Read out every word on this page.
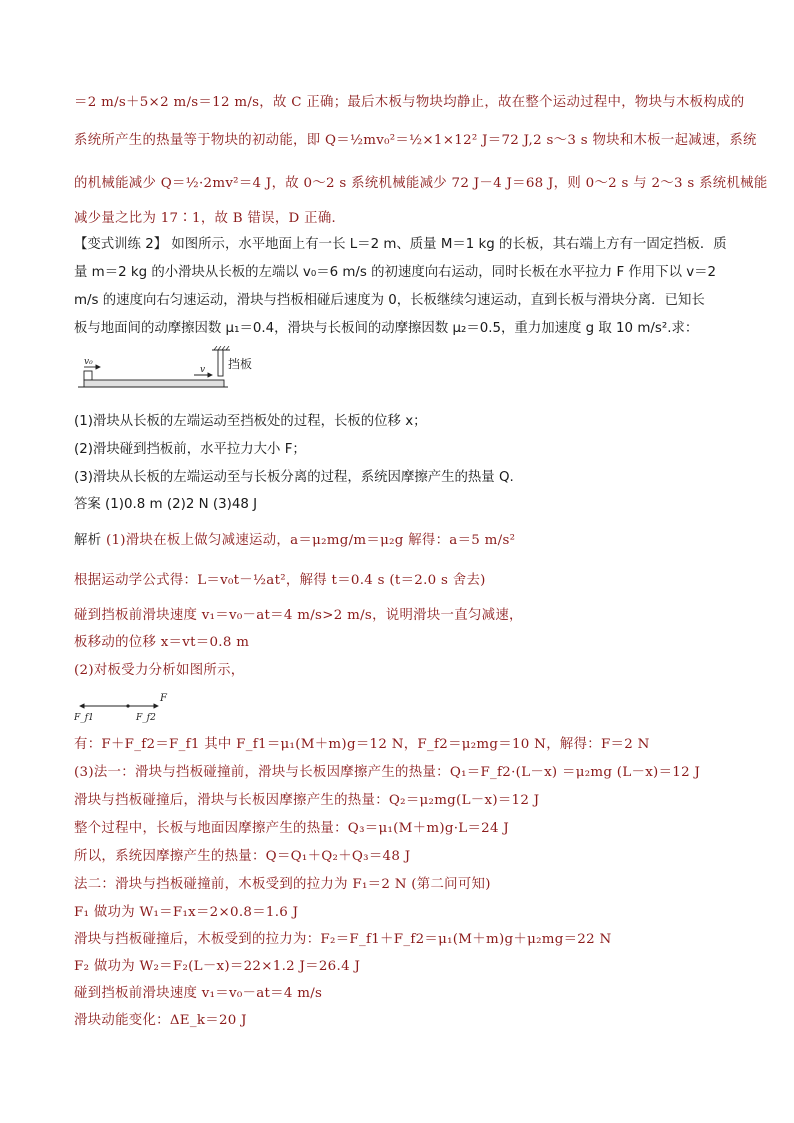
＝2 m/s＋5×2 m/s＝12 m/s，故 C 正确；最后木板与物块均静止，故在整个运动过程中，物块与木板构成的
系统所产生的热量等于物块的初动能，即 Q＝½mv₀²＝½×1×12² J＝72 J,2 s～3 s 物块和木板一起减速，系统
的机械能减少 Q＝½·2mv²＝4 J，故 0～2 s 系统机械能减少 72 J－4 J＝68 J，则 0～2 s 与 2～3 s 系统机械能
减少量之比为 17∶1，故 B 错误，D 正确．
【变式训练 2】 如图所示，水平地面上有一长 L＝2 m、质量 M＝1 kg 的长板，其右端上方有一固定挡板．质
量 m＝2 kg 的小滑块从长板的左端以 v₀＝6 m/s 的初速度向右运动，同时长板在水平拉力 F 作用下以 v＝2
m/s 的速度向右匀速运动，滑块与挡板相碰后速度为 0，长板继续匀速运动，直到长板与滑块分离．已知长
板与地面间的动摩擦因数 μ₁＝0.4，滑块与长板间的动摩擦因数 μ₂＝0.5，重力加速度 g 取 10 m/s².求：
v₀
v 挡板
(1)滑块从长板的左端运动至挡板处的过程，长板的位移 x；
(2)滑块碰到挡板前，水平拉力大小 F；
(3)滑块从长板的左端运动至与长板分离的过程，系统因摩擦产生的热量 Q.
答案 (1)0.8 m (2)2 N (3)48 J
解析 (1)滑块在板上做匀减速运动，a＝μ₂mg/m＝μ₂g 解得：a＝5 m/s²
根据运动学公式得：L＝v₀t－½at²，解得 t＝0.4 s (t＝2.0 s 舍去)
碰到挡板前滑块速度 v₁＝v₀－at＝4 m/s>2 m/s，说明滑块一直匀减速，
板移动的位移 x＝vt＝0.8 m
(2)对板受力分析如图所示，
F
F_f1	F_f2
有：F＋F_f2＝F_f1 其中 F_f1＝μ₁(M＋m)g＝12 N，F_f2＝μ₂mg＝10 N，解得：F＝2 N
(3)法一：滑块与挡板碰撞前，滑块与长板因摩擦产生的热量：Q₁＝F_f2·(L－x) ＝μ₂mg (L－x)＝12 J
滑块与挡板碰撞后，滑块与长板因摩擦产生的热量：Q₂＝μ₂mg(L－x)＝12 J
整个过程中，长板与地面因摩擦产生的热量：Q₃＝μ₁(M＋m)g·L＝24 J
所以，系统因摩擦产生的热量：Q＝Q₁＋Q₂＋Q₃＝48 J
法二：滑块与挡板碰撞前，木板受到的拉力为 F₁＝2 N (第二问可知)
F₁ 做功为 W₁＝F₁x＝2×0.8＝1.6 J
滑块与挡板碰撞后，木板受到的拉力为：F₂＝F_f1＋F_f2＝μ₁(M＋m)g＋μ₂mg＝22 N
F₂ 做功为 W₂＝F₂(L－x)＝22×1.2 J＝26.4 J
碰到挡板前滑块速度 v₁＝v₀－at＝4 m/s
滑块动能变化：ΔE_k＝20 J
